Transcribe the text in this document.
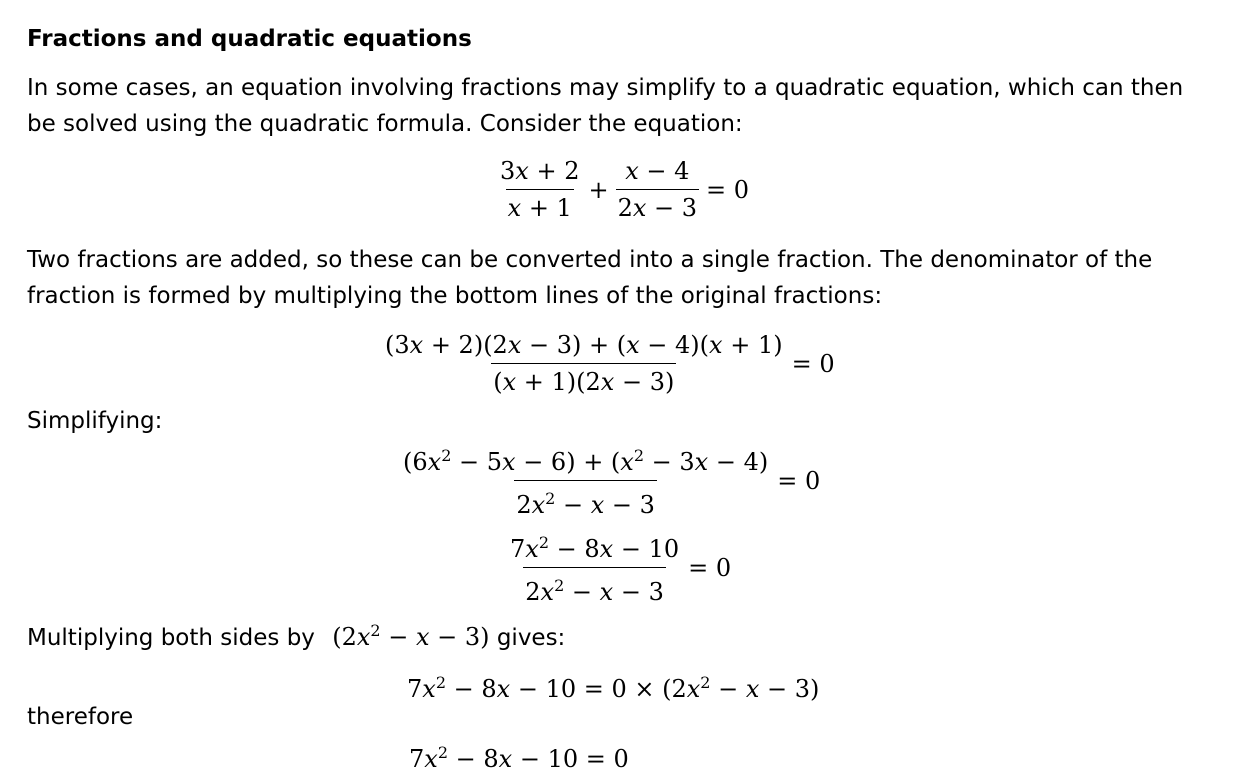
Fractions and quadratic equations
In some cases, an equation involving fractions may simplify to a quadratic equation, which can then
be solved using the quadratic formula. Consider the equation:
$\frac{3x + 2}{x + 1} + \frac{x - 4}{2x - 3} = 0$
Two fractions are added, so these can be converted into a single fraction. The denominator of the
fraction is formed by multiplying the bottom lines of the original fractions:
$\frac{(3x + 2)(2x - 3) + (x - 4)(x + 1)}{(x + 1)(2x - 3)} = 0$
Simplifying:
$\frac{(6x^2 - 5x - 6) + (x^2 - 3x - 4)}{2x^2 - x - 3} = 0$
$\frac{7x^2 - 8x - 10}{2x^2 - x - 3} = 0$
Multiplying both sides by $(2x^2 - x - 3)$ gives:
$7x^2 - 8x - 10 = 0 \times (2x^2 - x - 3)$
therefore
$7x^2 - 8x - 10 = 0$
